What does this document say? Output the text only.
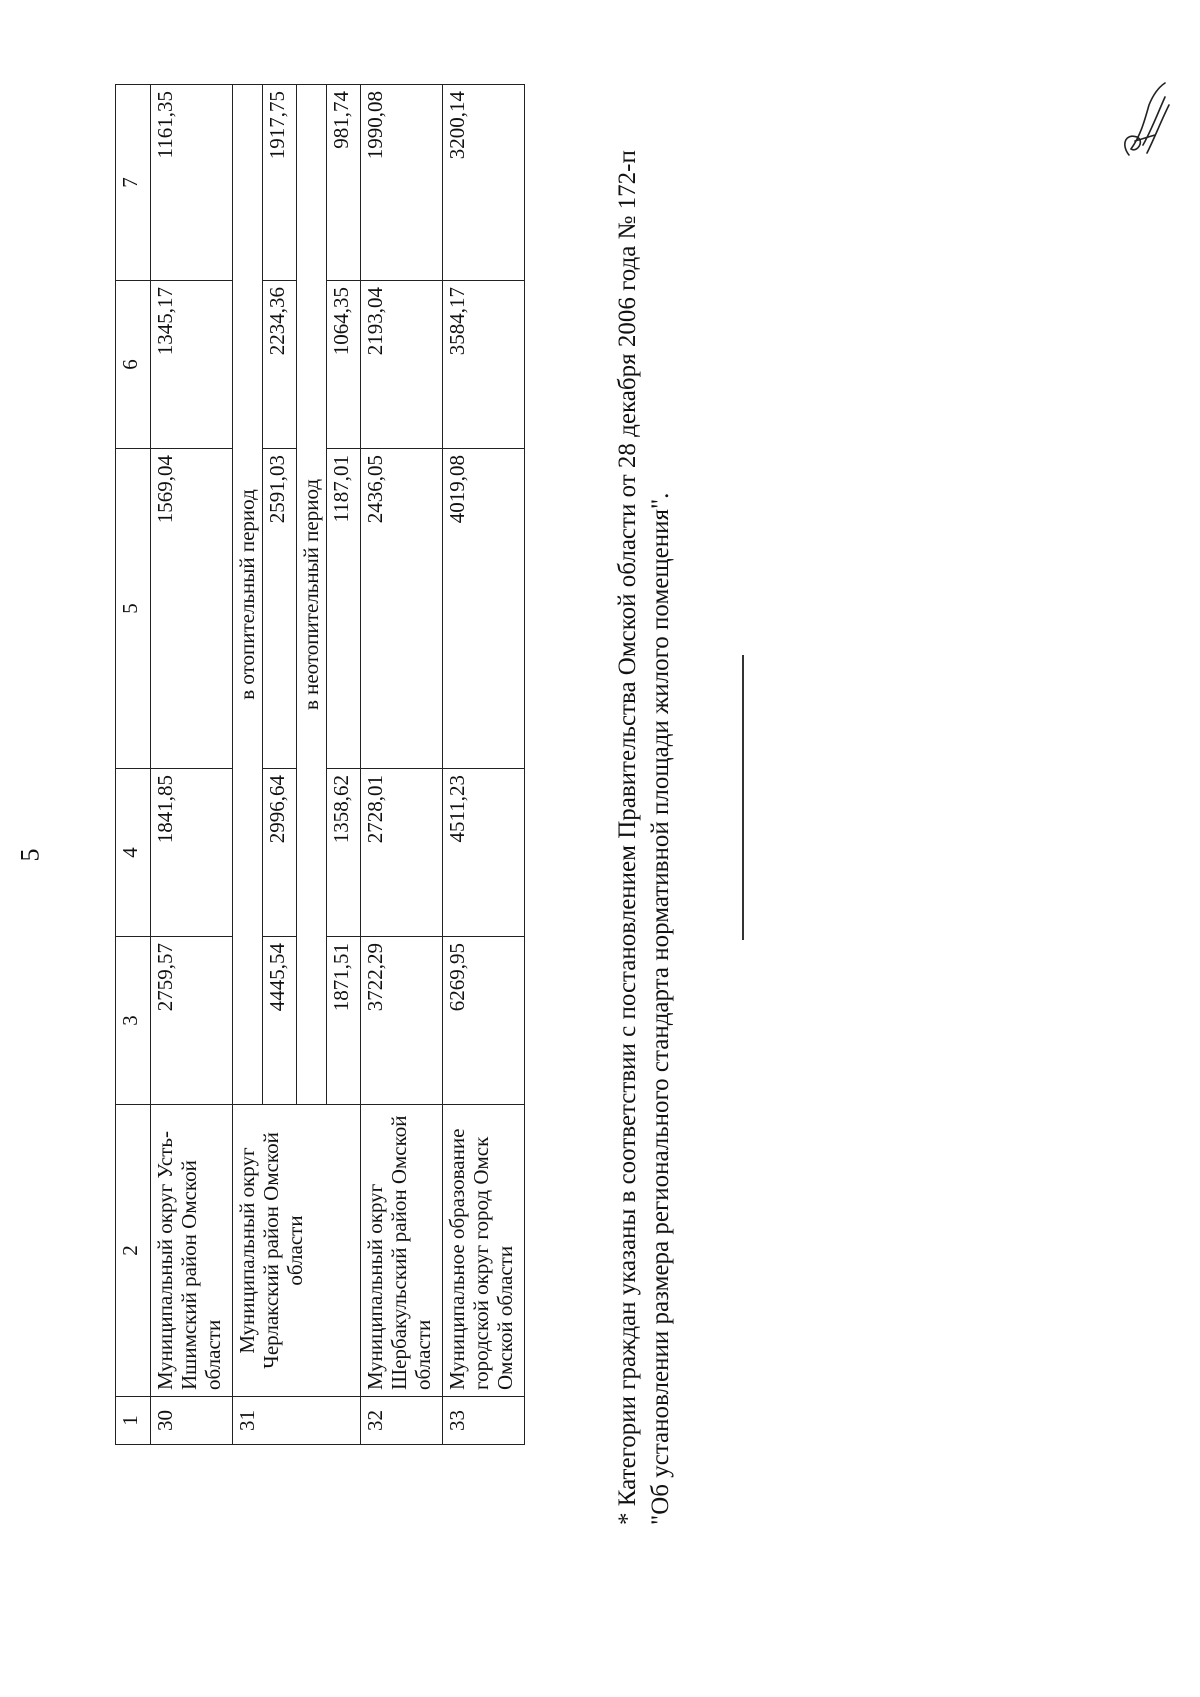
5
1	2	3	4	5	6	7
30	Муниципальный округ Усть-Ишимский район Омской области	2759,57	1841,85	1569,04	1345,17	1161,35
31	Муниципальный округ Черлакский район Омской области	в отопительный период				
		4445,54	2996,64	2591,03	2234,36	1917,75
		в неотопительный период				
		1871,51	1358,62	1187,01	1064,35	981,74
32	Муниципальный округ Шербакульский район Омской области	3722,29	2728,01	2436,05	2193,04	1990,08
33	Муниципальное образование городской округ город Омск Омской области	6269,95	4511,23	4019,08	3584,17	3200,14
* Категории граждан указаны в соответствии с постановлением Правительства Омской области от 28 декабря 2006 года № 172-п "Об установлении размера регионального стандарта нормативной площади жилого помещения".
